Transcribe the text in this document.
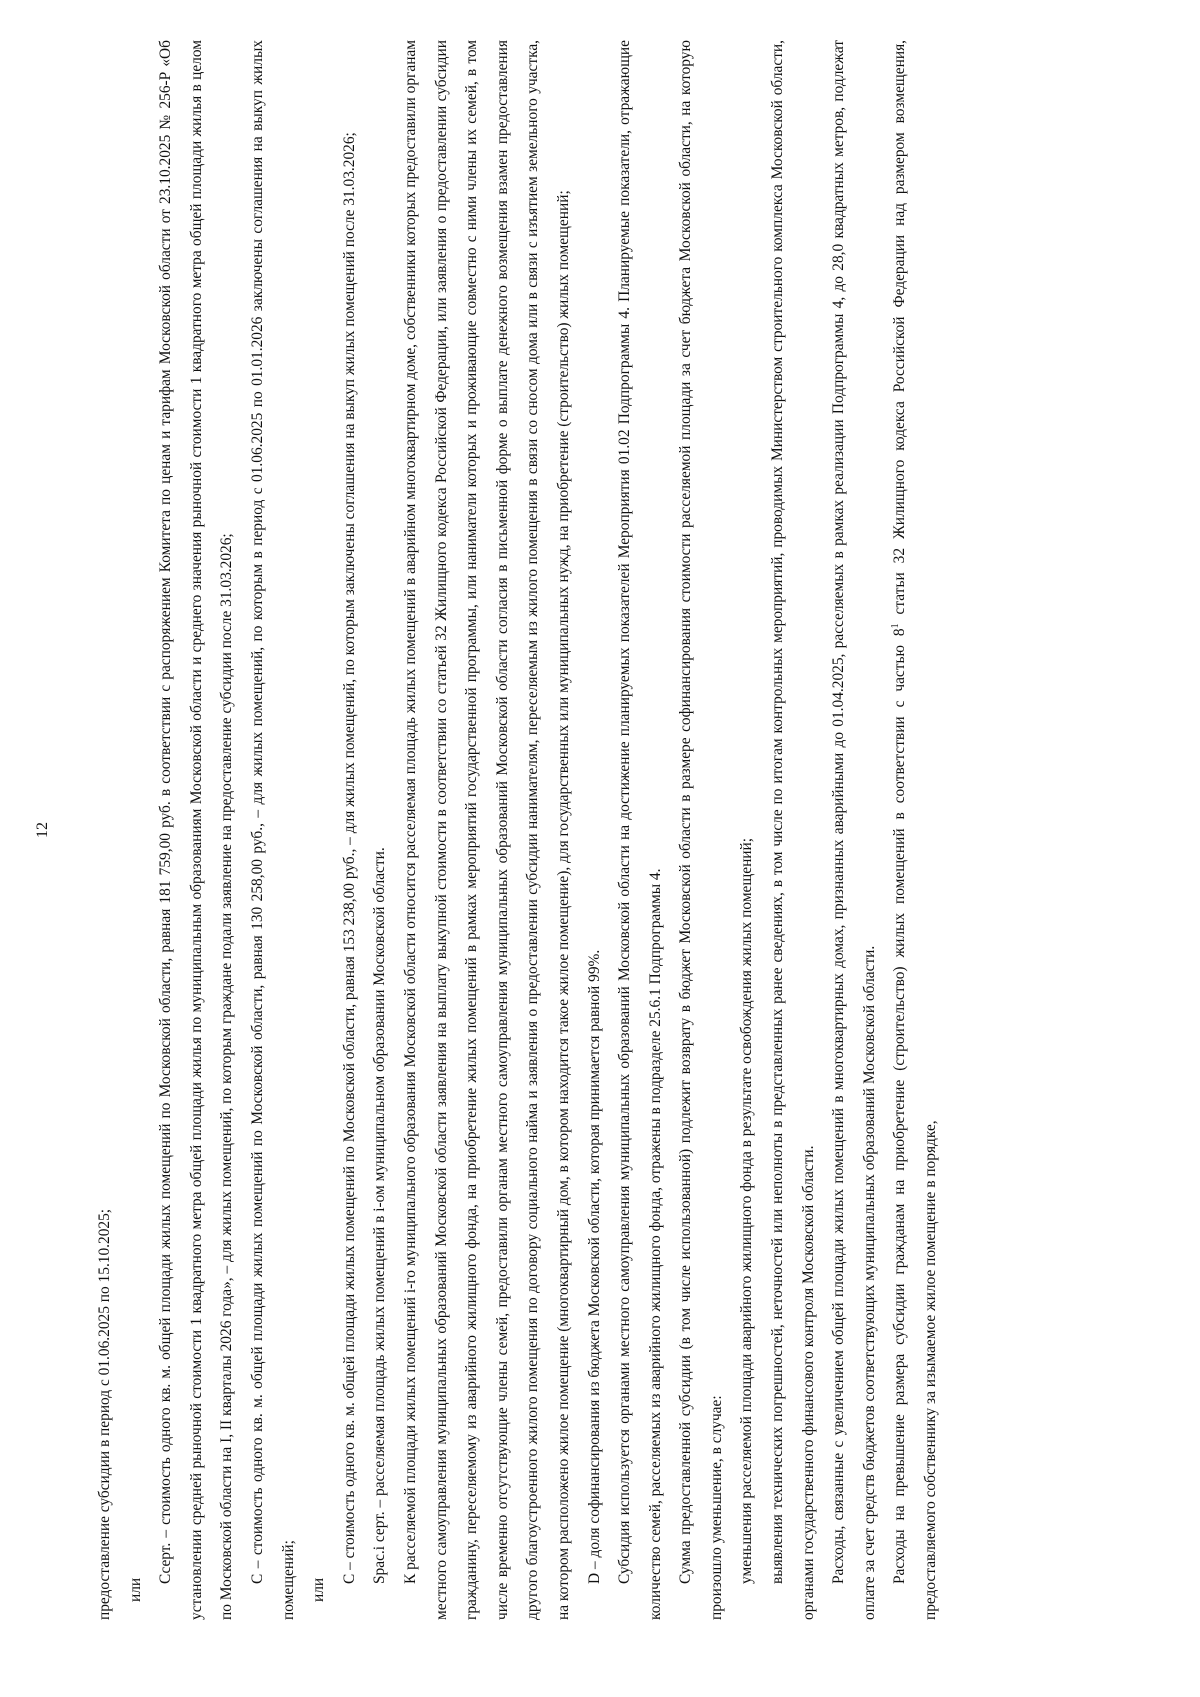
12

предоставление субсидии в период с 01.06.2025 по 15.10.2025; или

Ссерт. – стоимость одного кв. м. общей площади жилых помещений по Московской области, равная 181 759,00 руб. в соответствии с распоряжением Комитета по ценам и тарифам Московской области от 23.10.2025 № 256-Р «Об установлении средней рыночной стоимости 1 квадратного метра общей площади жилья по муниципальным образованиям Московской области и среднего значения рыночной стоимости 1 квадратного метра общей площади жилья в целом по Московской области на I, II кварталы 2026 года», – для жилых помещений, по которым граждане подали заявление на предоставление субсидии после 31.03.2026; С – стоимость одного кв. м. общей площади жилых помещений по Московской области, равная 130 258,00 руб., – для жилых помещений, по которым в период с 01.06.2025 по 01.01.2026 заключены соглашения на выкуп жилых помещений; или

С – стоимость одного кв. м. общей площади жилых помещений по Московской области, равная 153 238,00 руб., – для жилых помещений, по которым заключены соглашения на выкуп жилых помещений после 31.03.2026; Spac.i серт. – расселяемая площадь жилых помещений в i-ом муниципальном образовании Московской области. К расселяемой площади жилых помещений i-го муниципального образования Московской области относится расселяемая площадь жилых помещений в аварийном многоквартирном доме, собственники которых предоставили органам местного самоуправления муниципальных образований Московской области заявления на выплату выкупной стоимости в соответствии со статьей 32 Жилищного кодекса Российской Федерации, или заявления о предоставлении субсидии гражданину, переселяемому из аварийного жилищного фонда, на приобретение жилых помещений в рамках мероприятий государственной программы, или наниматели которых и проживающие совместно с ними члены их семей, в том числе временно отсутствующие члены семей, предоставили органам местного самоуправления муниципальных образований Московской области согласия в письменной форме о выплате денежного возмещения взамен предоставления другого благоустроенного жилого помещения по договору социального найма и заявления о предоставлении субсидии нанимателям, переселяемым из жилого помещения в связи со сносом дома или в связи с изъятием земельного участка, на котором расположено жилое помещение (многоквартирный дом, в котором находится такое жилое помещение), для государственных или муниципальных нужд, на приобретение (строительство) жилых помещений; D – доля софинансирования из бюджета Московской области, которая принимается равной 99%. Субсидия используется органами местного самоуправления муниципальных образований Московской области на достижение планируемых показателей Мероприятия 01.02 Подпрограммы 4. Планируемые показатели, отражающие количество семей, расселяемых из аварийного жилищного фонда, отражены в подразделе 25.6.1 Подпрограммы 4. Сумма предоставленной субсидии (в том числе использованной) подлежит возврату в бюджет Московской области в размере софинансирования стоимости расселяемой площади за счет бюджета Московской области, на которую произошло уменьшение, в случае: уменьшения расселяемой площади аварийного жилищного фонда в результате освобождения жилых помещений; выявления технических погрешностей, неточностей или неполноты в представленных ранее сведениях, в том числе по итогам контрольных мероприятий, проводимых Министерством строительного комплекса Московской области, органами государственного финансового контроля Московской области. Расходы, связанные с увеличением общей площади жилых помещений в многоквартирных домах, признанных аварийными до 01.04.2025, расселяемых в рамках реализации Подпрограммы 4, до 28,0 квадратных метров, подлежат оплате за счет средств бюджетов соответствующих муниципальных образований Московской области. Расходы на превышение размера субсидии гражданам на приобретение (строительство) жилых помещений в соответствии с частью $8^1$ статьи 32 Жилищного кодекса Российской Федерации над размером возмещения, предоставляемого собственнику за изымаемое жилое помещение в порядке,
